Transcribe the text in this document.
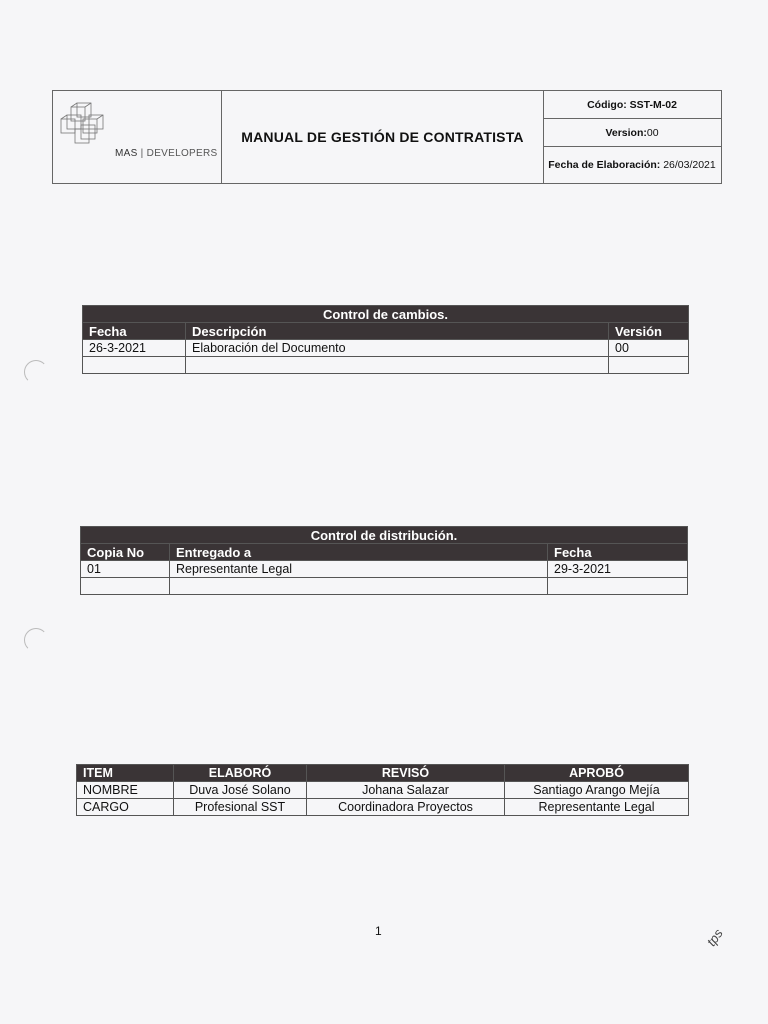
MAS | DEVELOPERS
MANUAL DE GESTIÓN DE CONTRATISTA
Código:
SST-M-02
Version: 00
Fecha de Elaboración:
26/03/2021
Control de cambios.		
Fecha	Descripción	Versión
26-3-2021	Elaboración del Documento	00

Control de distribución.		
Copia No	Entregado a	Fecha
01	Representante Legal	29-3-2021

ITEM	ELABORÓ	REVISÓ	APROBÓ
NOMBRE	Duva José Solano	Johana Salazar	Santiago Arango Mejía
CARGO	Profesional SST	Coordinadora Proyectos	Representante Legal
1	tps
